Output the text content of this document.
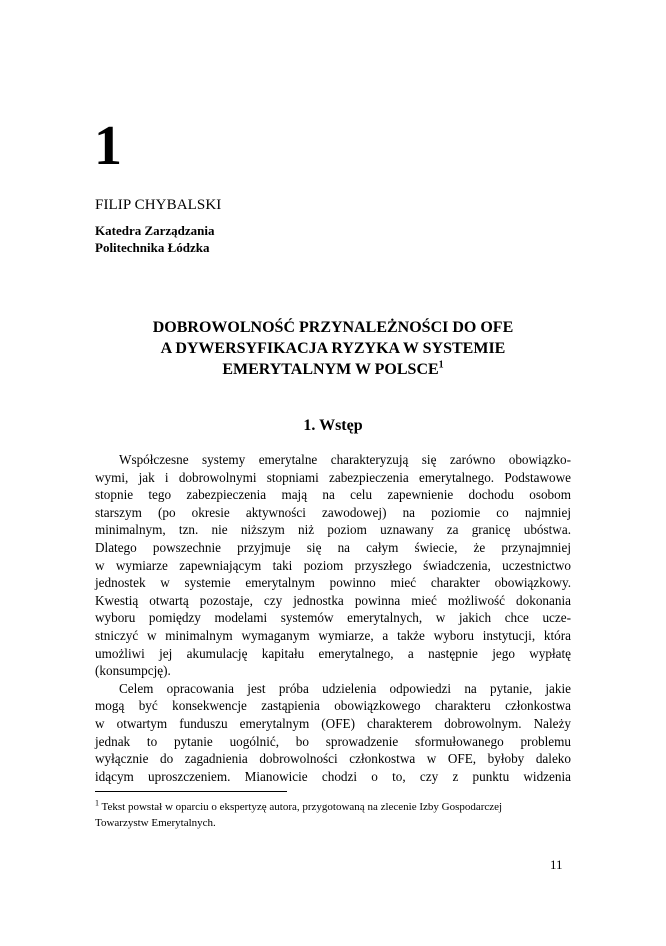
1
FILIP CHYBALSKI
Katedra Zarządzania
Politechnika Łódzka
DOBROWOLNOŚĆ PRZYNALEŻNOŚCI DO OFE
A DYWERSYFIKACJA RYZYKA W SYSTEMIE
EMERYTALNYM W POLSCE$^1$
1. Wstęp
Współczesne systemy emerytalne charakteryzują się zarówno obowiązko-
wymi, jak i dobrowolnymi stopniami zabezpieczenia emerytalnego. Podstawowe
stopnie tego zabezpieczenia mają na celu zapewnienie dochodu osobom
starszym (po okresie aktywności zawodowej) na poziomie co najmniej
minimalnym, tzn. nie niższym niż poziom uznawany za granicę ubóstwa.
Dlatego powszechnie przyjmuje się na całym świecie, że przynajmniej
w wymiarze zapewniającym taki poziom przyszłego świadczenia, uczestnictwo
jednostek w systemie emerytalnym powinno mieć charakter obowiązkowy.
Kwestią otwartą pozostaje, czy jednostka powinna mieć możliwość dokonania
wyboru pomiędzy modelami systemów emerytalnych, w jakich chce ucze-
stniczyć w minimalnym wymaganym wymiarze, a także wyboru instytucji, która
umożliwi jej akumulację kapitału emerytalnego, a następnie jego wypłatę
(konsumpcję).
Celem opracowania jest próba udzielenia odpowiedzi na pytanie, jakie
mogą być konsekwencje zastąpienia obowiązkowego charakteru członkostwa
w otwartym funduszu emerytalnym (OFE) charakterem dobrowolnym. Należy
jednak to pytanie uogólnić, bo sprowadzenie sformułowanego problemu
wyłącznie do zagadnienia dobrowolności członkostwa w OFE, byłoby daleko
idącym uproszczeniem. Mianowicie chodzi o to, czy z punktu widzenia
$^1$ Tekst powstał w oparciu o ekspertyzę autora, przygotowaną na zlecenie Izby Gospodarczej
Towarzystw Emerytalnych.
11
